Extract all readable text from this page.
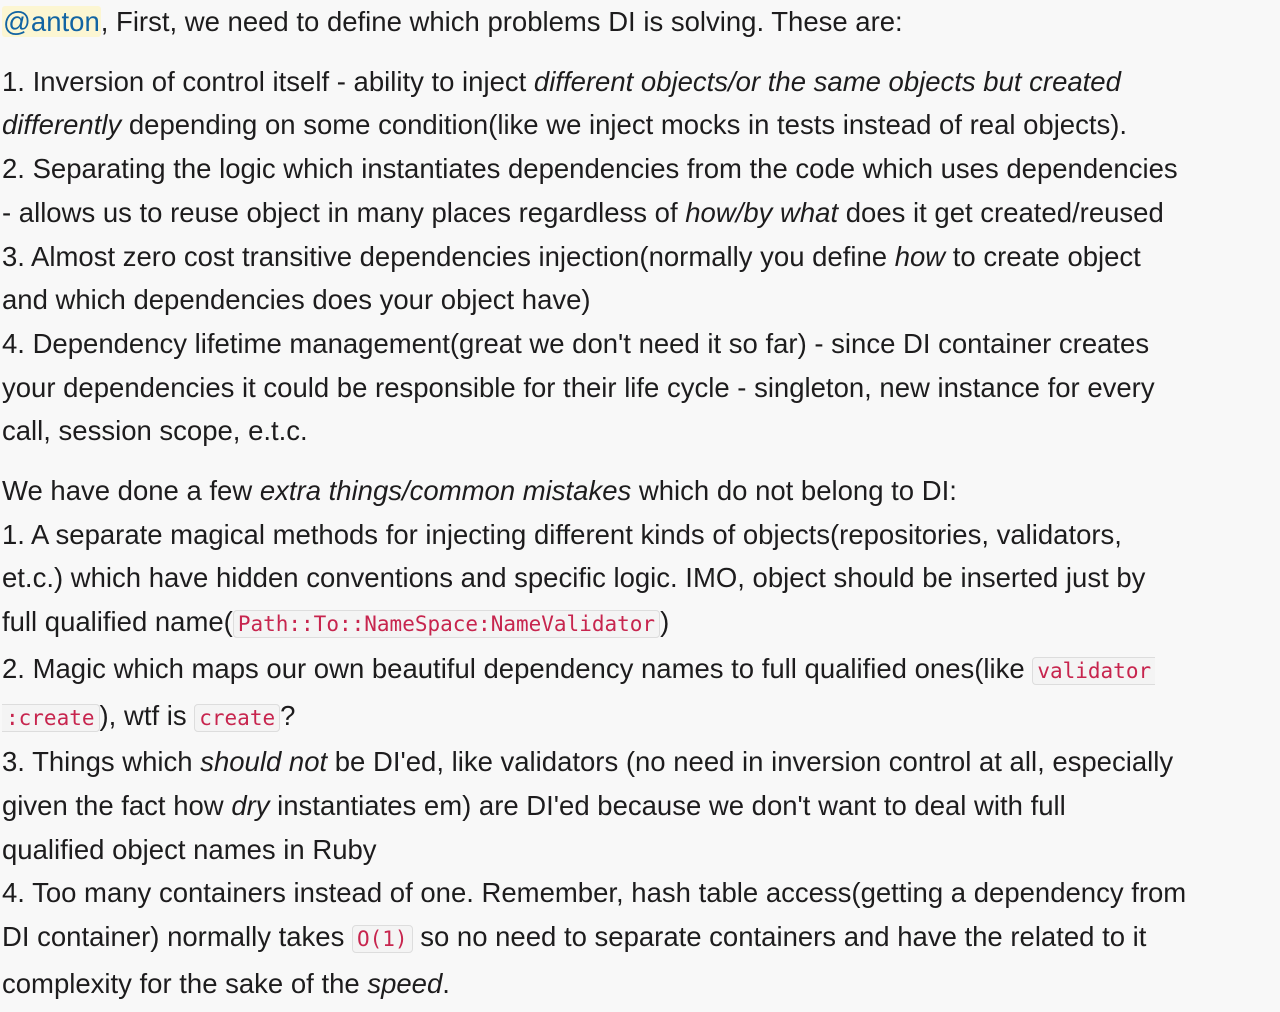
@anton, First, we need to define which problems DI is solving. These are:

1. Inversion of control itself - ability to inject different objects/or the same objects but created
differently depending on some condition(like we inject mocks in tests instead of real objects).
2. Separating the logic which instantiates dependencies from the code which uses dependencies
- allows us to reuse object in many places regardless of how/by what does it get created/reused
3. Almost zero cost transitive dependencies injection(normally you define how to create object
and which dependencies does your object have)
4. Dependency lifetime management(great we don't need it so far) - since DI container creates
your dependencies it could be responsible for their life cycle - singleton, new instance for every
call, session scope, e.t.c.

We have done a few extra things/common mistakes which do not belong to DI:
1. A separate magical methods for injecting different kinds of objects(repositories, validators,
et.c.) which have hidden conventions and specific logic. IMO, object should be inserted just by
full qualified name( Path::To::NameSpace:NameValidator )
2. Magic which maps our own beautiful dependency names to full qualified ones(like validator
:create ), wtf is create ?
3. Things which should not be DI'ed, like validators (no need in inversion control at all, especially
given the fact how dry instantiates em) are DI'ed because we don't want to deal with full
qualified object names in Ruby
4. Too many containers instead of one. Remember, hash table access(getting a dependency from
DI container) normally takes O(1) so no need to separate containers and have the related to it
complexity for the sake of the speed.
